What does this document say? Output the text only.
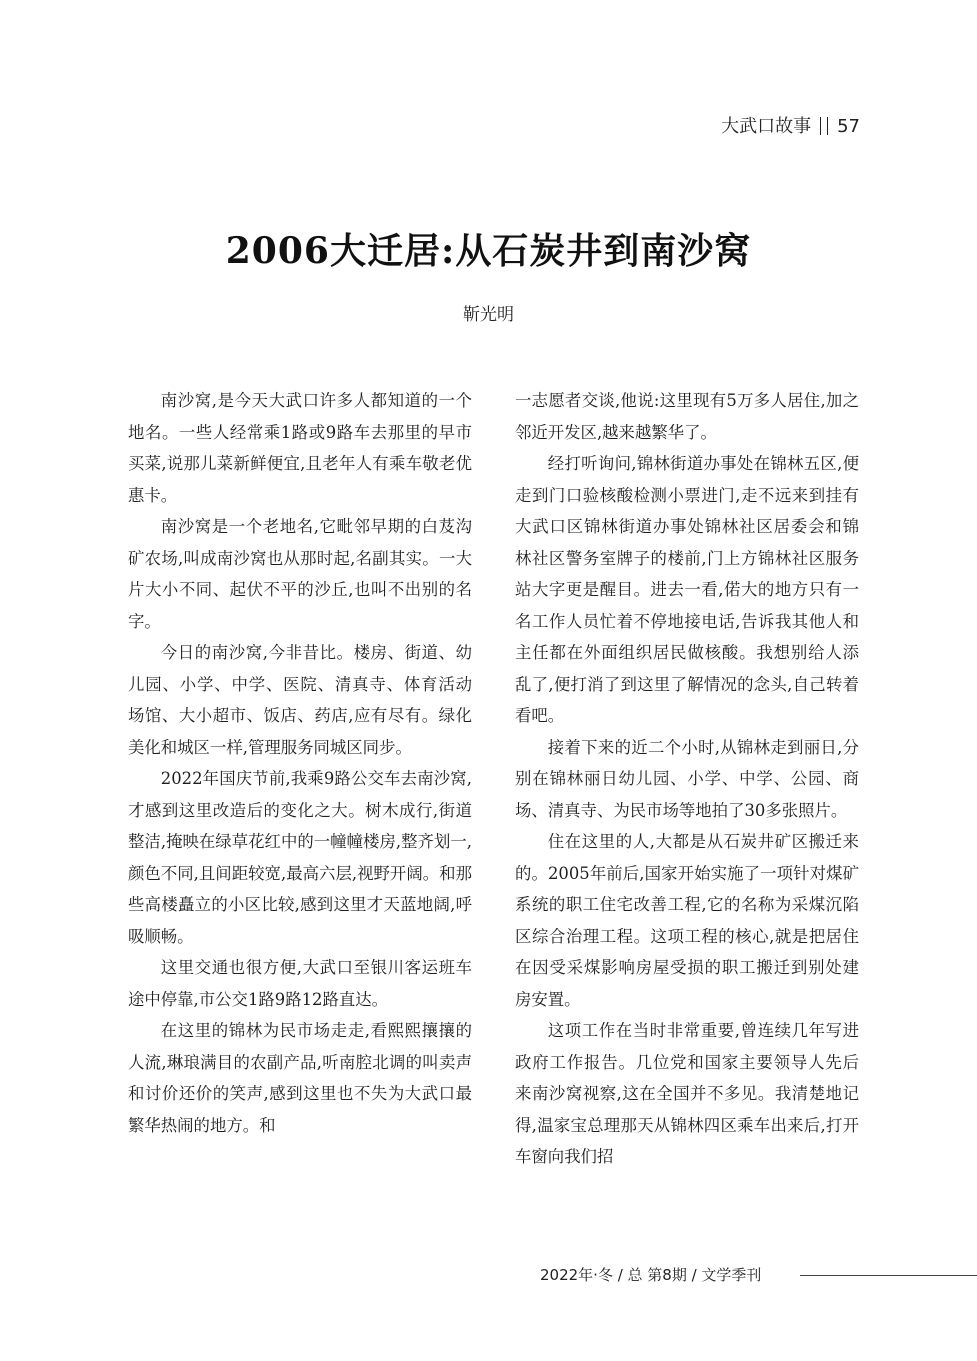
大武口故事 57
2006大迁居:从石炭井到南沙窝
靳光明

南沙窝,是今天大武口许多人都知道的一个地名。一些人经常乘1路或9路车去那里的早市买菜,说那儿菜新鲜便宜,且老年人有乘车敬老优惠卡。

南沙窝是一个老地名,它毗邻早期的白芨沟矿农场,叫成南沙窝也从那时起,名副其实。一大片大小不同、起伏不平的沙丘,也叫不出别的名字。

今日的南沙窝,今非昔比。楼房、街道、幼儿园、小学、中学、医院、清真寺、体育活动场馆、大小超市、饭店、药店,应有尽有。绿化美化和城区一样,管理服务同城区同步。

2022年国庆节前,我乘9路公交车去南沙窝,才感到这里改造后的变化之大。树木成行,街道整洁,掩映在绿草花红中的一幢幢楼房,整齐划一,颜色不同,且间距较宽,最高六层,视野开阔。和那些高楼矗立的小区比较,感到这里才天蓝地阔,呼吸顺畅。

这里交通也很方便,大武口至银川客运班车途中停靠,市公交1路9路12路直达。

在这里的锦林为民市场走走,看熙熙攘攘的人流,琳琅满目的农副产品,听南腔北调的叫卖声和讨价还价的笑声,感到这里也不失为大武口最繁华热闹的地方。和

一志愿者交谈,他说:这里现有5万多人居住,加之邻近开发区,越来越繁华了。

经打听询问,锦林街道办事处在锦林五区,便走到门口验核酸检测小票进门,走不远来到挂有大武口区锦林街道办事处锦林社区居委会和锦林社区警务室牌子的楼前,门上方锦林社区服务站大字更是醒目。进去一看,偌大的地方只有一名工作人员忙着不停地接电话,告诉我其他人和主任都在外面组织居民做核酸。我想别给人添乱了,便打消了到这里了解情况的念头,自己转着看吧。

接着下来的近二个小时,从锦林走到丽日,分别在锦林丽日幼儿园、小学、中学、公园、商场、清真寺、为民市场等地拍了30多张照片。

住在这里的人,大都是从石炭井矿区搬迁来的。2005年前后,国家开始实施了一项针对煤矿系统的职工住宅改善工程,它的名称为采煤沉陷区综合治理工程。这项工程的核心,就是把居住在因受采煤影响房屋受损的职工搬迁到别处建房安置。

这项工作在当时非常重要,曾连续几年写进政府工作报告。几位党和国家主要领导人先后来南沙窝视察,这在全国并不多见。我清楚地记得,温家宝总理那天从锦林四区乘车出来后,打开车窗向我们招

2022年·冬 / 总 第8期 / 文学季刊
